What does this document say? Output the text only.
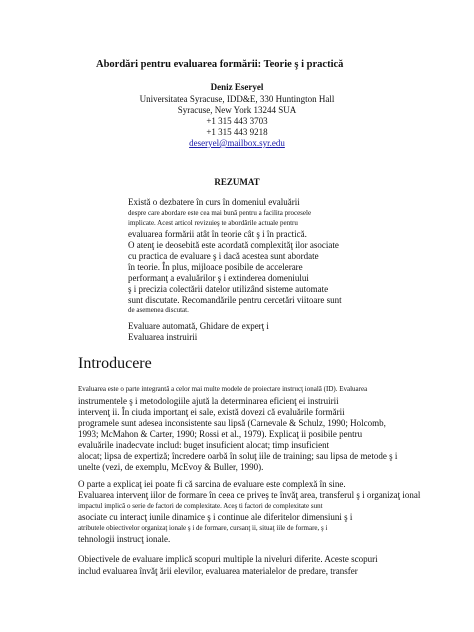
Abordări pentru evaluarea formării: Teorie ş i practică
Deniz Eseryel
Universitatea Syracuse, IDD&E, 330 Huntington Hall
Syracuse, New York 13244 SUA
+1 315 443 3703
+1 315 443 9218
deseryel@mailbox.syr.edu
REZUMAT
Există o dezbatere în curs în domeniul evaluării
despre care abordare este cea mai bună pentru a facilita procesele
implicate. Acest articol revizuieş te abordările actuale pentru
evaluarea formării atât în teorie cât ş i în practică.
O atenţ ie deosebită este acordată complexităţ ilor asociate
cu practica de evaluare ş i dacă acestea sunt abordate
în teorie. În plus, mijloace posibile de accelerare
performanţ a evaluărilor ş i extinderea domeniului
ş i precizia colectării datelor utilizând sisteme automate
sunt discutate. Recomandările pentru cercetări viitoare sunt
de asemenea discutat.
Evaluare automată, Ghidare de experţ i
Evaluarea instruirii
Introducere
Evaluarea este o parte integrantă a celor mai multe modele de proiectare instrucţ ională (ID). Evaluarea
instrumentele ş i metodologiile ajută la determinarea eficienţ ei instruirii
intervenţ ii. În ciuda importanţ ei sale, există dovezi că evaluările formării
programele sunt adesea inconsistente sau lipsă (Carnevale & Schulz, 1990; Holcomb,
1993; McMahon & Carter, 1990; Rossi et al., 1979). Explicaţ ii posibile pentru
evaluările inadecvate includ: buget insuficient alocat; timp insuficient
alocat; lipsa de expertiză; încredere oarbă în soluţ iile de training; sau lipsa de metode ş i
unelte (vezi, de exemplu, McEvoy & Buller, 1990).
O parte a explicaţ iei poate fi că sarcina de evaluare este complexă în sine.
Evaluarea intervenţ iilor de formare în ceea ce priveş te învăţ area, transferul ş i organizaţ ional
impactul implică o serie de factori de complexitate. Aceş ti factori de complexitate sunt
asociate cu interacţ iunile dinamice ş i continue ale diferitelor dimensiuni ş i
atributele obiectivelor organizaţ ionale ş i de formare, cursanţ ii, situaţ iile de formare, ş i
tehnologii instrucţ ionale.
Obiectivele de evaluare implică scopuri multiple la niveluri diferite. Aceste scopuri
includ evaluarea învăţ ării elevilor, evaluarea materialelor de predare, transfer
